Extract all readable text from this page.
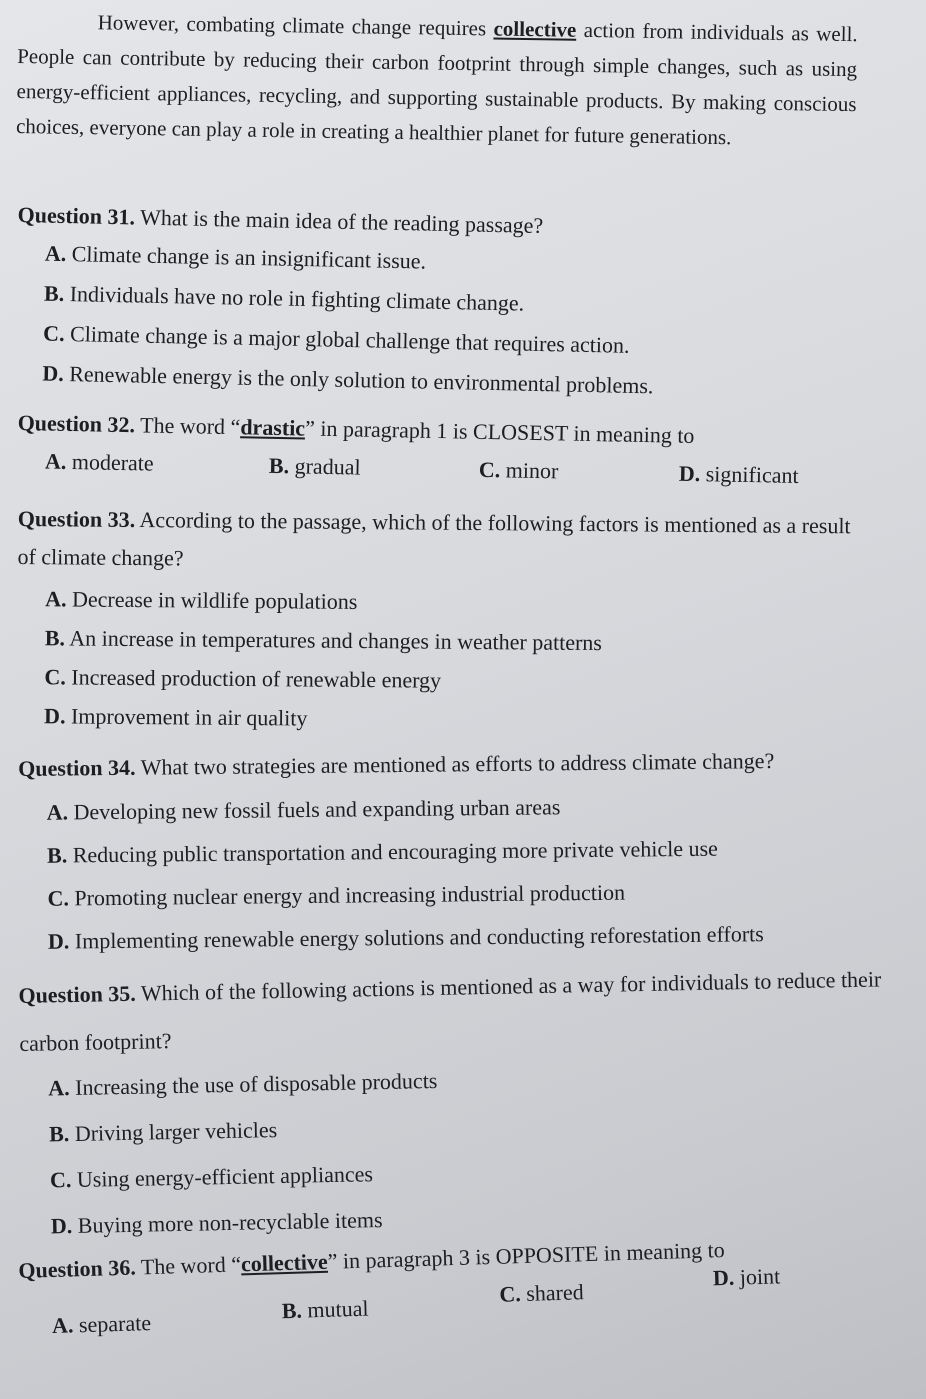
However, combating climate change requires collective action from individuals as well. People can contribute by reducing their carbon footprint through simple changes, such as using energy-efficient appliances, recycling, and supporting sustainable products. By making conscious choices, everyone can play a role in creating a healthier planet for future generations.
Question 31. What is the main idea of the reading passage?
A. Climate change is an insignificant issue.
B. Individuals have no role in fighting climate change.
C. Climate change is a major global challenge that requires action.
D. Renewable energy is the only solution to environmental problems.
Question 32. The word “drastic” in paragraph 1 is CLOSEST in meaning to
A. moderate	B. gradual	C. minor	D. significant
Question 33. According to the passage, which of the following factors is mentioned as a result of climate change?
A. Decrease in wildlife populations
B. An increase in temperatures and changes in weather patterns
C. Increased production of renewable energy
D. Improvement in air quality
Question 34. What two strategies are mentioned as efforts to address climate change?
A. Developing new fossil fuels and expanding urban areas
B. Reducing public transportation and encouraging more private vehicle use
C. Promoting nuclear energy and increasing industrial production
D. Implementing renewable energy solutions and conducting reforestation efforts
Question 35. Which of the following actions is mentioned as a way for individuals to reduce their carbon footprint?
A. Increasing the use of disposable products
B. Driving larger vehicles
C. Using energy-efficient appliances
D. Buying more non-recyclable items
Question 36. The word “collective” in paragraph 3 is OPPOSITE in meaning to
A. separate	B. mutual
C. shared
D. joint
